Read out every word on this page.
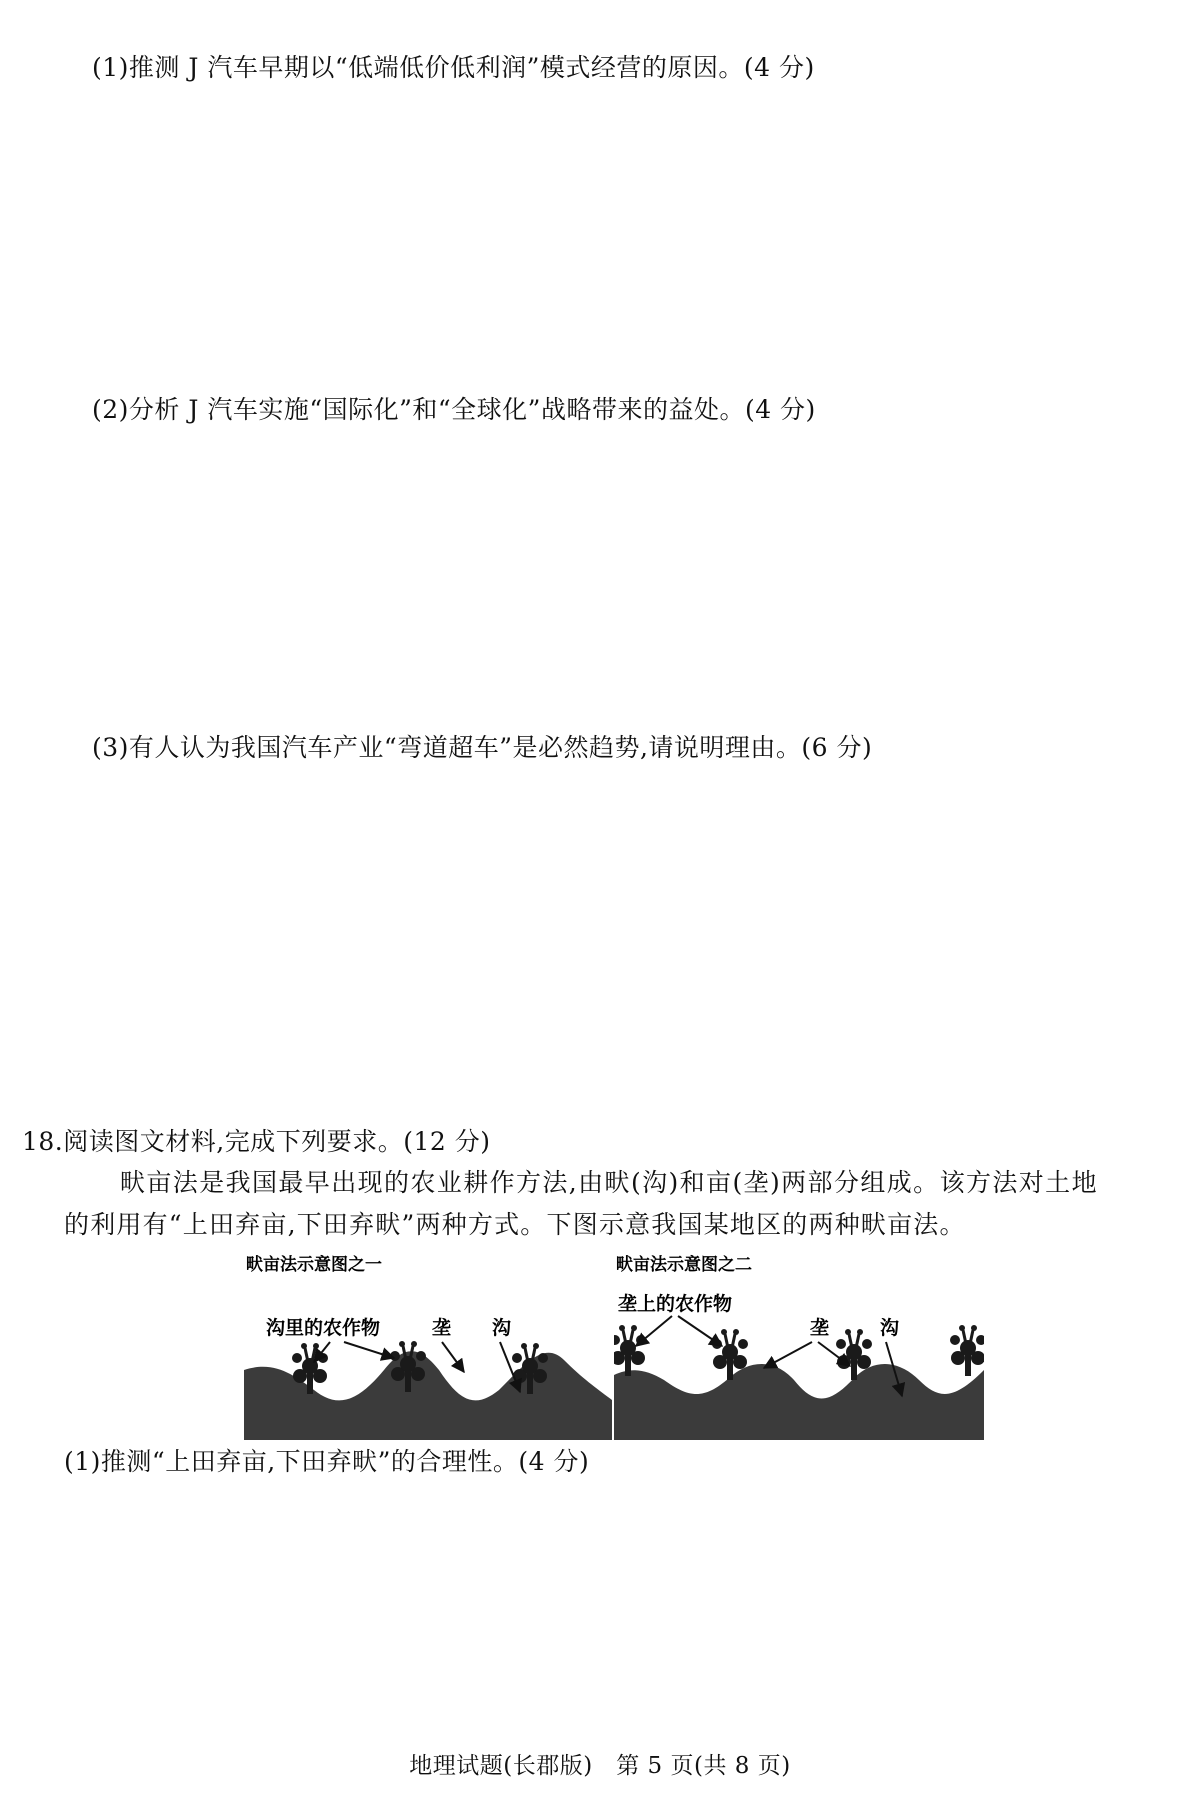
(1)推测 J 汽车早期以“低端低价低利润”模式经营的原因。(4 分)
(2)分析 J 汽车实施“国际化”和“全球化”战略带来的益处。(4 分)
(3)有人认为我国汽车产业“弯道超车”是必然趋势,请说明理由。(6 分)
18.阅读图文材料,完成下列要求。(12 分)
畎亩法是我国最早出现的农业耕作方法,由畎(沟)和亩(垄)两部分组成。该方法对土地
的利用有“上田弃亩,下田弃畎”两种方式。下图示意我国某地区的两种畎亩法。
畎亩法示意图之一
沟里的农作物	垄 沟
畎亩法示意图之二
垄上的农作物
垄	沟
(1)推测“上田弃亩,下田弃畎”的合理性。(4 分)
地理试题(长郡版)　第 5 页(共 8 页)
